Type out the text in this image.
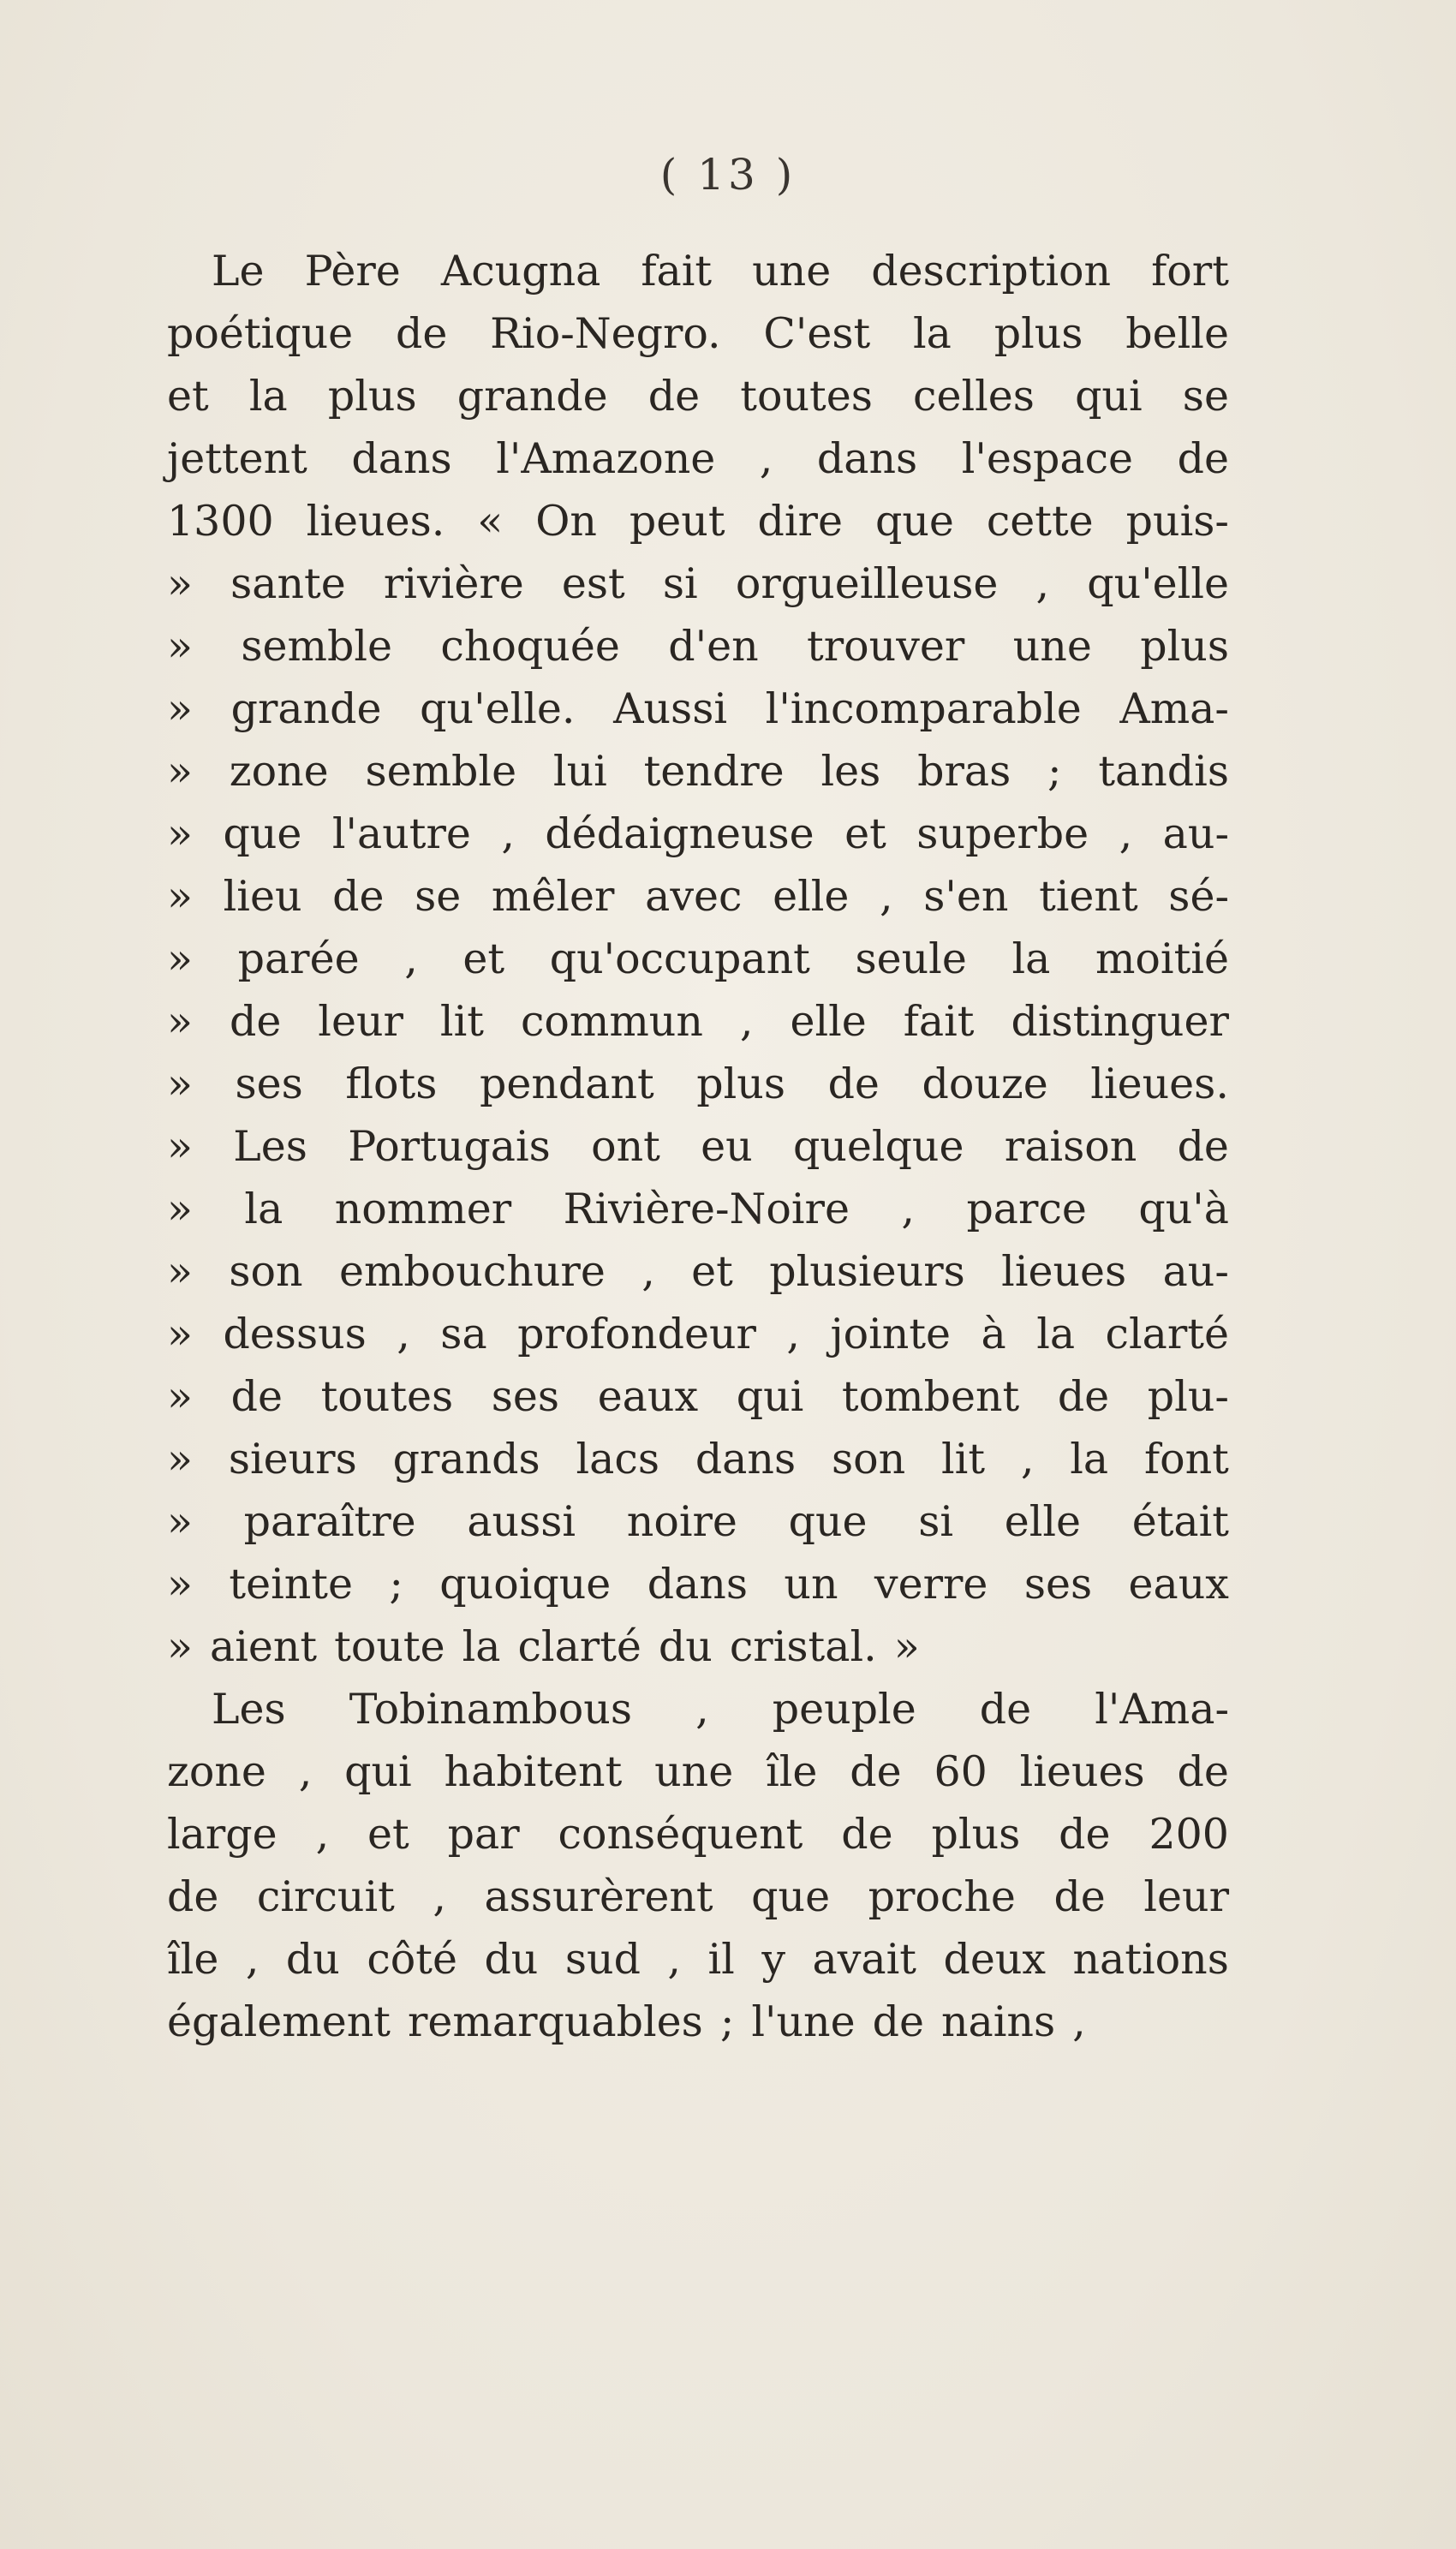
( 13 )
Le Père Acugna fait une description fort
poétique de Rio-Negro. C'est la plus belle
et la plus grande de toutes celles qui se
jettent dans l'Amazone , dans l'espace de
1300 lieues. « On peut dire que cette puis-
» sante rivière est si orgueilleuse , qu'elle
» semble choquée d'en trouver une plus
» grande qu'elle. Aussi l'incomparable Ama-
» zone semble lui tendre les bras ; tandis
» que l'autre , dédaigneuse et superbe , au-
» lieu de se mêler avec elle , s'en tient sé-
» parée , et qu'occupant seule la moitié
» de leur lit commun , elle fait distinguer
» ses flots pendant plus de douze lieues.
» Les Portugais ont eu quelque raison de
» la nommer Rivière-Noire , parce qu'à
» son embouchure , et plusieurs lieues au-
» dessus , sa profondeur , jointe à la clarté
» de toutes ses eaux qui tombent de plu-
» sieurs grands lacs dans son lit , la font
» paraître aussi noire que si elle était
» teinte ; quoique dans un verre ses eaux
» aient toute la clarté du cristal. »
Les Tobinambous , peuple de l'Ama-
zone , qui habitent une île de 60 lieues de
large , et par conséquent de plus de 200
de circuit , assurèrent que proche de leur
île , du côté du sud , il y avait deux nations
également remarquables ; l'une de nains ,
